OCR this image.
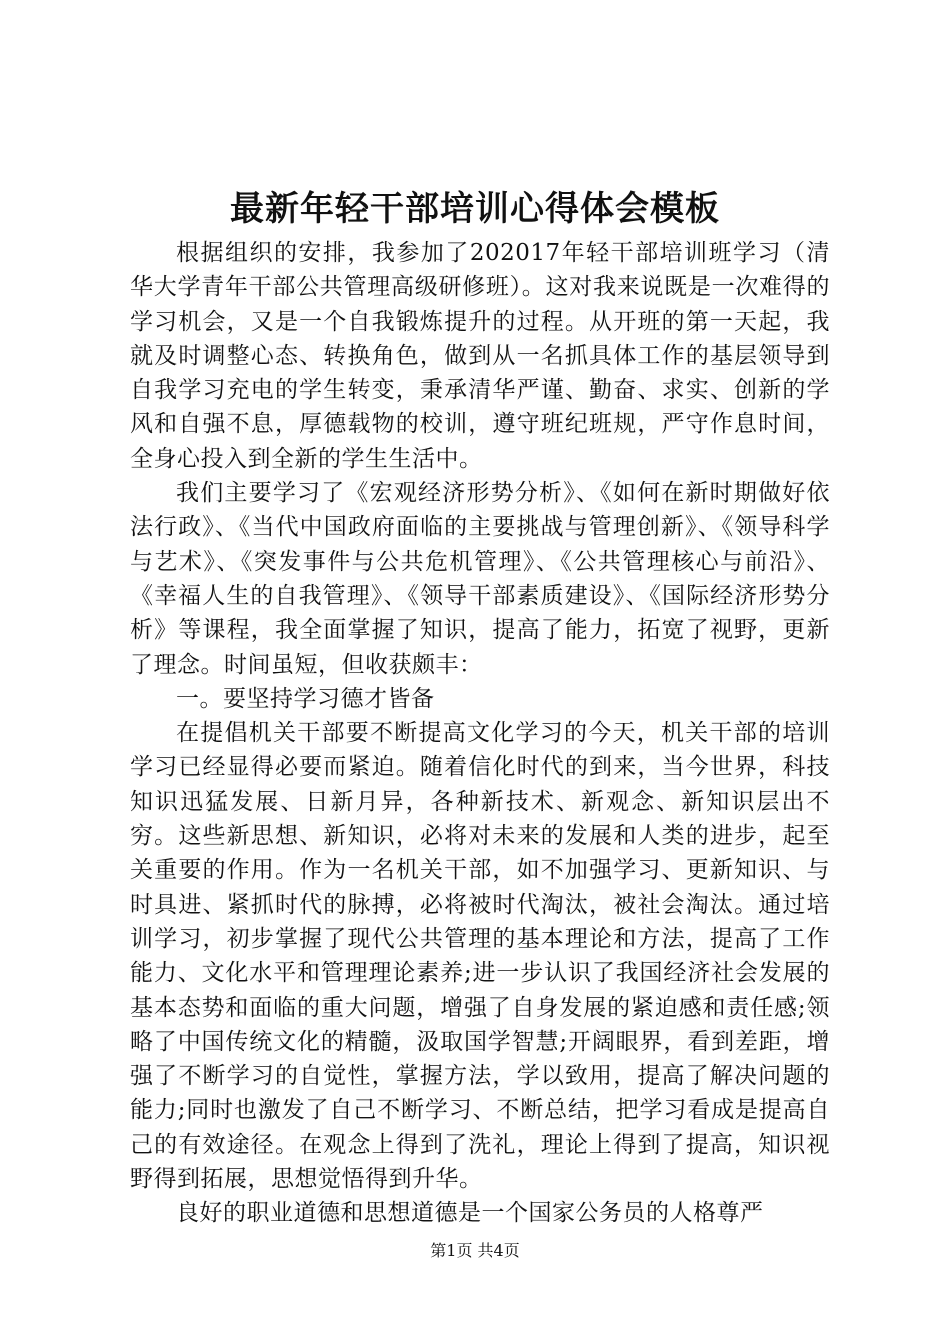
最新年轻干部培训心得体会模板

根据组织的安排，我参加了202017年轻干部培训班学习（清华大学青年干部公共管理高级研修班）。这对我来说既是一次难得的学习机会，又是一个自我锻炼提升的过程。从开班的第一天起，我就及时调整心态、转换角色，做到从一名抓具体工作的基层领导到自我学习充电的学生转变，秉承清华严谨、勤奋、求实、创新的学风和自强不息，厚德载物的校训，遵守班纪班规，严守作息时间，全身心投入到全新的学生生活中。

我们主要学习了《宏观经济形势分析》、《如何在新时期做好依法行政》、《当代中国政府面临的主要挑战与管理创新》、《领导科学与艺术》、《突发事件与公共危机管理》、《公共管理核心与前沿》、《幸福人生的自我管理》、《领导干部素质建设》、《国际经济形势分析》等课程，我全面掌握了知识，提高了能力，拓宽了视野，更新了理念。时间虽短，但收获颇丰：

一。要坚持学习德才皆备

在提倡机关干部要不断提高文化学习的今天，机关干部的培训学习已经显得必要而紧迫。随着信化时代的到来，当今世界，科技知识迅猛发展、日新月异，各种新技术、新观念、新知识层出不穷。这些新思想、新知识，必将对未来的发展和人类的进步，起至关重要的作用。作为一名机关干部，如不加强学习、更新知识、与时具进、紧抓时代的脉搏，必将被时代淘汰，被社会淘汰。通过培训学习，初步掌握了现代公共管理的基本理论和方法，提高了工作能力、文化水平和管理理论素养;进一步认识了我国经济社会发展的基本态势和面临的重大问题，增强了自身发展的紧迫感和责任感;领略了中国传统文化的精髓，汲取国学智慧;开阔眼界，看到差距，增强了不断学习的自觉性，掌握方法，学以致用，提高了解决问题的能力;同时也激发了自己不断学习、不断总结，把学习看成是提高自己的有效途径。在观念上得到了洗礼，理论上得到了提高，知识视野得到拓展，思想觉悟得到升华。

良好的职业道德和思想道德是一个国家公务员的人格尊严

第1页 共4页
